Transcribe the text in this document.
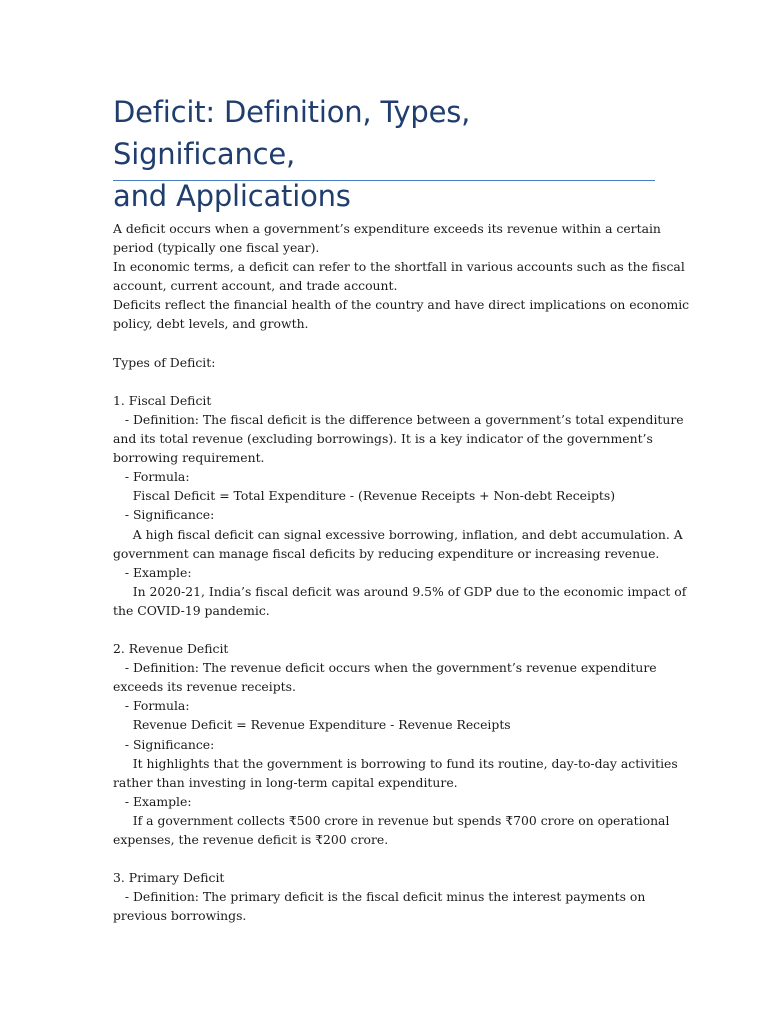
Deficit: Definition, Types, Significance,
and Applications
A deficit occurs when a government’s expenditure exceeds its revenue within a certain
period (typically one fiscal year).
In economic terms, a deficit can refer to the shortfall in various accounts such as the fiscal
account, current account, and trade account.
Deficits reflect the financial health of the country and have direct implications on economic
policy, debt levels, and growth.
Types of Deficit:
1. Fiscal Deficit
- Definition: The fiscal deficit is the difference between a government’s total expenditure
and its total revenue (excluding borrowings). It is a key indicator of the government’s
borrowing requirement.
- Formula:
Fiscal Deficit = Total Expenditure - (Revenue Receipts + Non-debt Receipts)
- Significance:
A high fiscal deficit can signal excessive borrowing, inflation, and debt accumulation. A
government can manage fiscal deficits by reducing expenditure or increasing revenue.
- Example:
In 2020-21, India’s fiscal deficit was around 9.5% of GDP due to the economic impact of
the COVID-19 pandemic.
2. Revenue Deficit
- Definition: The revenue deficit occurs when the government’s revenue expenditure
exceeds its revenue receipts.
- Formula:
Revenue Deficit = Revenue Expenditure - Revenue Receipts
- Significance:
It highlights that the government is borrowing to fund its routine, day-to-day activities
rather than investing in long-term capital expenditure.
- Example:
If a government collects ₹500 crore in revenue but spends ₹700 crore on operational
expenses, the revenue deficit is ₹200 crore.
3. Primary Deficit
- Definition: The primary deficit is the fiscal deficit minus the interest payments on
previous borrowings.
